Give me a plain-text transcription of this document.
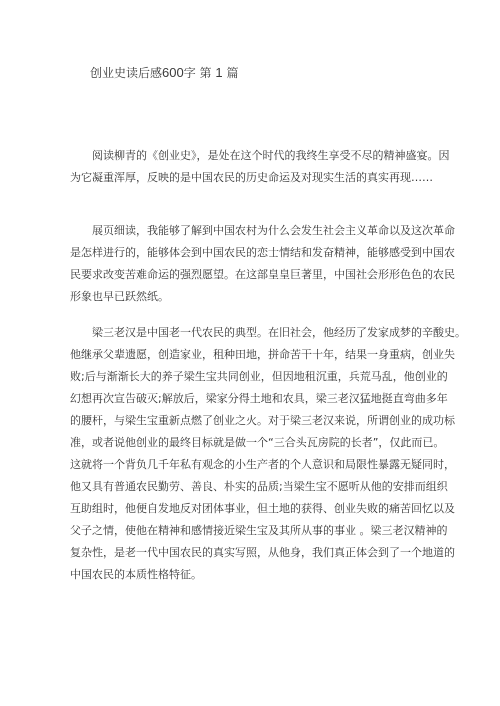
创业史读后感600字 第 1 篇
　　阅读柳青的《创业史》，是处在这个时代的我终生享受不尽的精神盛宴。因
为它凝重浑厚，反映的是中国农民的历史命运及对现实生活的真实再现……
　　展页细读，我能够了解到中国农村为什么会发生社会主义革命以及这次革命
是怎样进行的，能够体会到中国农民的恋士情结和发奋精神，能够感受到中国农
民要求改变苦难命运的强烈愿望。在这部皇皇巨著里，中国社会形形色色的农民
形象也早已跃然纸。
　　梁三老汉是中国老一代农民的典型。在旧社会，他经历了发家成梦的辛酸史。
他继承父辈遗愿，创造家业，租种田地，拼命苦干十年，结果一身重病，创业失
败;后与渐渐长大的养子梁生宝共同创业，但因地租沉重，兵荒马乱，他创业的
幻想再次宣告破灭;解放后，梁家分得土地和农具，梁三老汉猛地挺直弯曲多年
的腰杆，与梁生宝重新点燃了创业之火。对于梁三老汉来说，所谓创业的成功标
准，或者说他创业的最终目标就是做一个“三合头瓦房院的长者”，仅此而已。
这就将一个背负几千年私有观念的小生产者的个人意识和局限性暴露无疑同时，
他又具有普通农民勤劳、善良、朴实的品质;当梁生宝不愿听从他的安排而组织
互助组时，他便自发地反对团体事业，但土地的获得、创业失败的痛苦回忆以及
父子之情，使他在精神和感情接近梁生宝及其所从事的事业 。梁三老汉精神的
复杂性，是老一代中国农民的真实写照，从他身，我们真正体会到了一个地道的
中国农民的本质性格特征。
